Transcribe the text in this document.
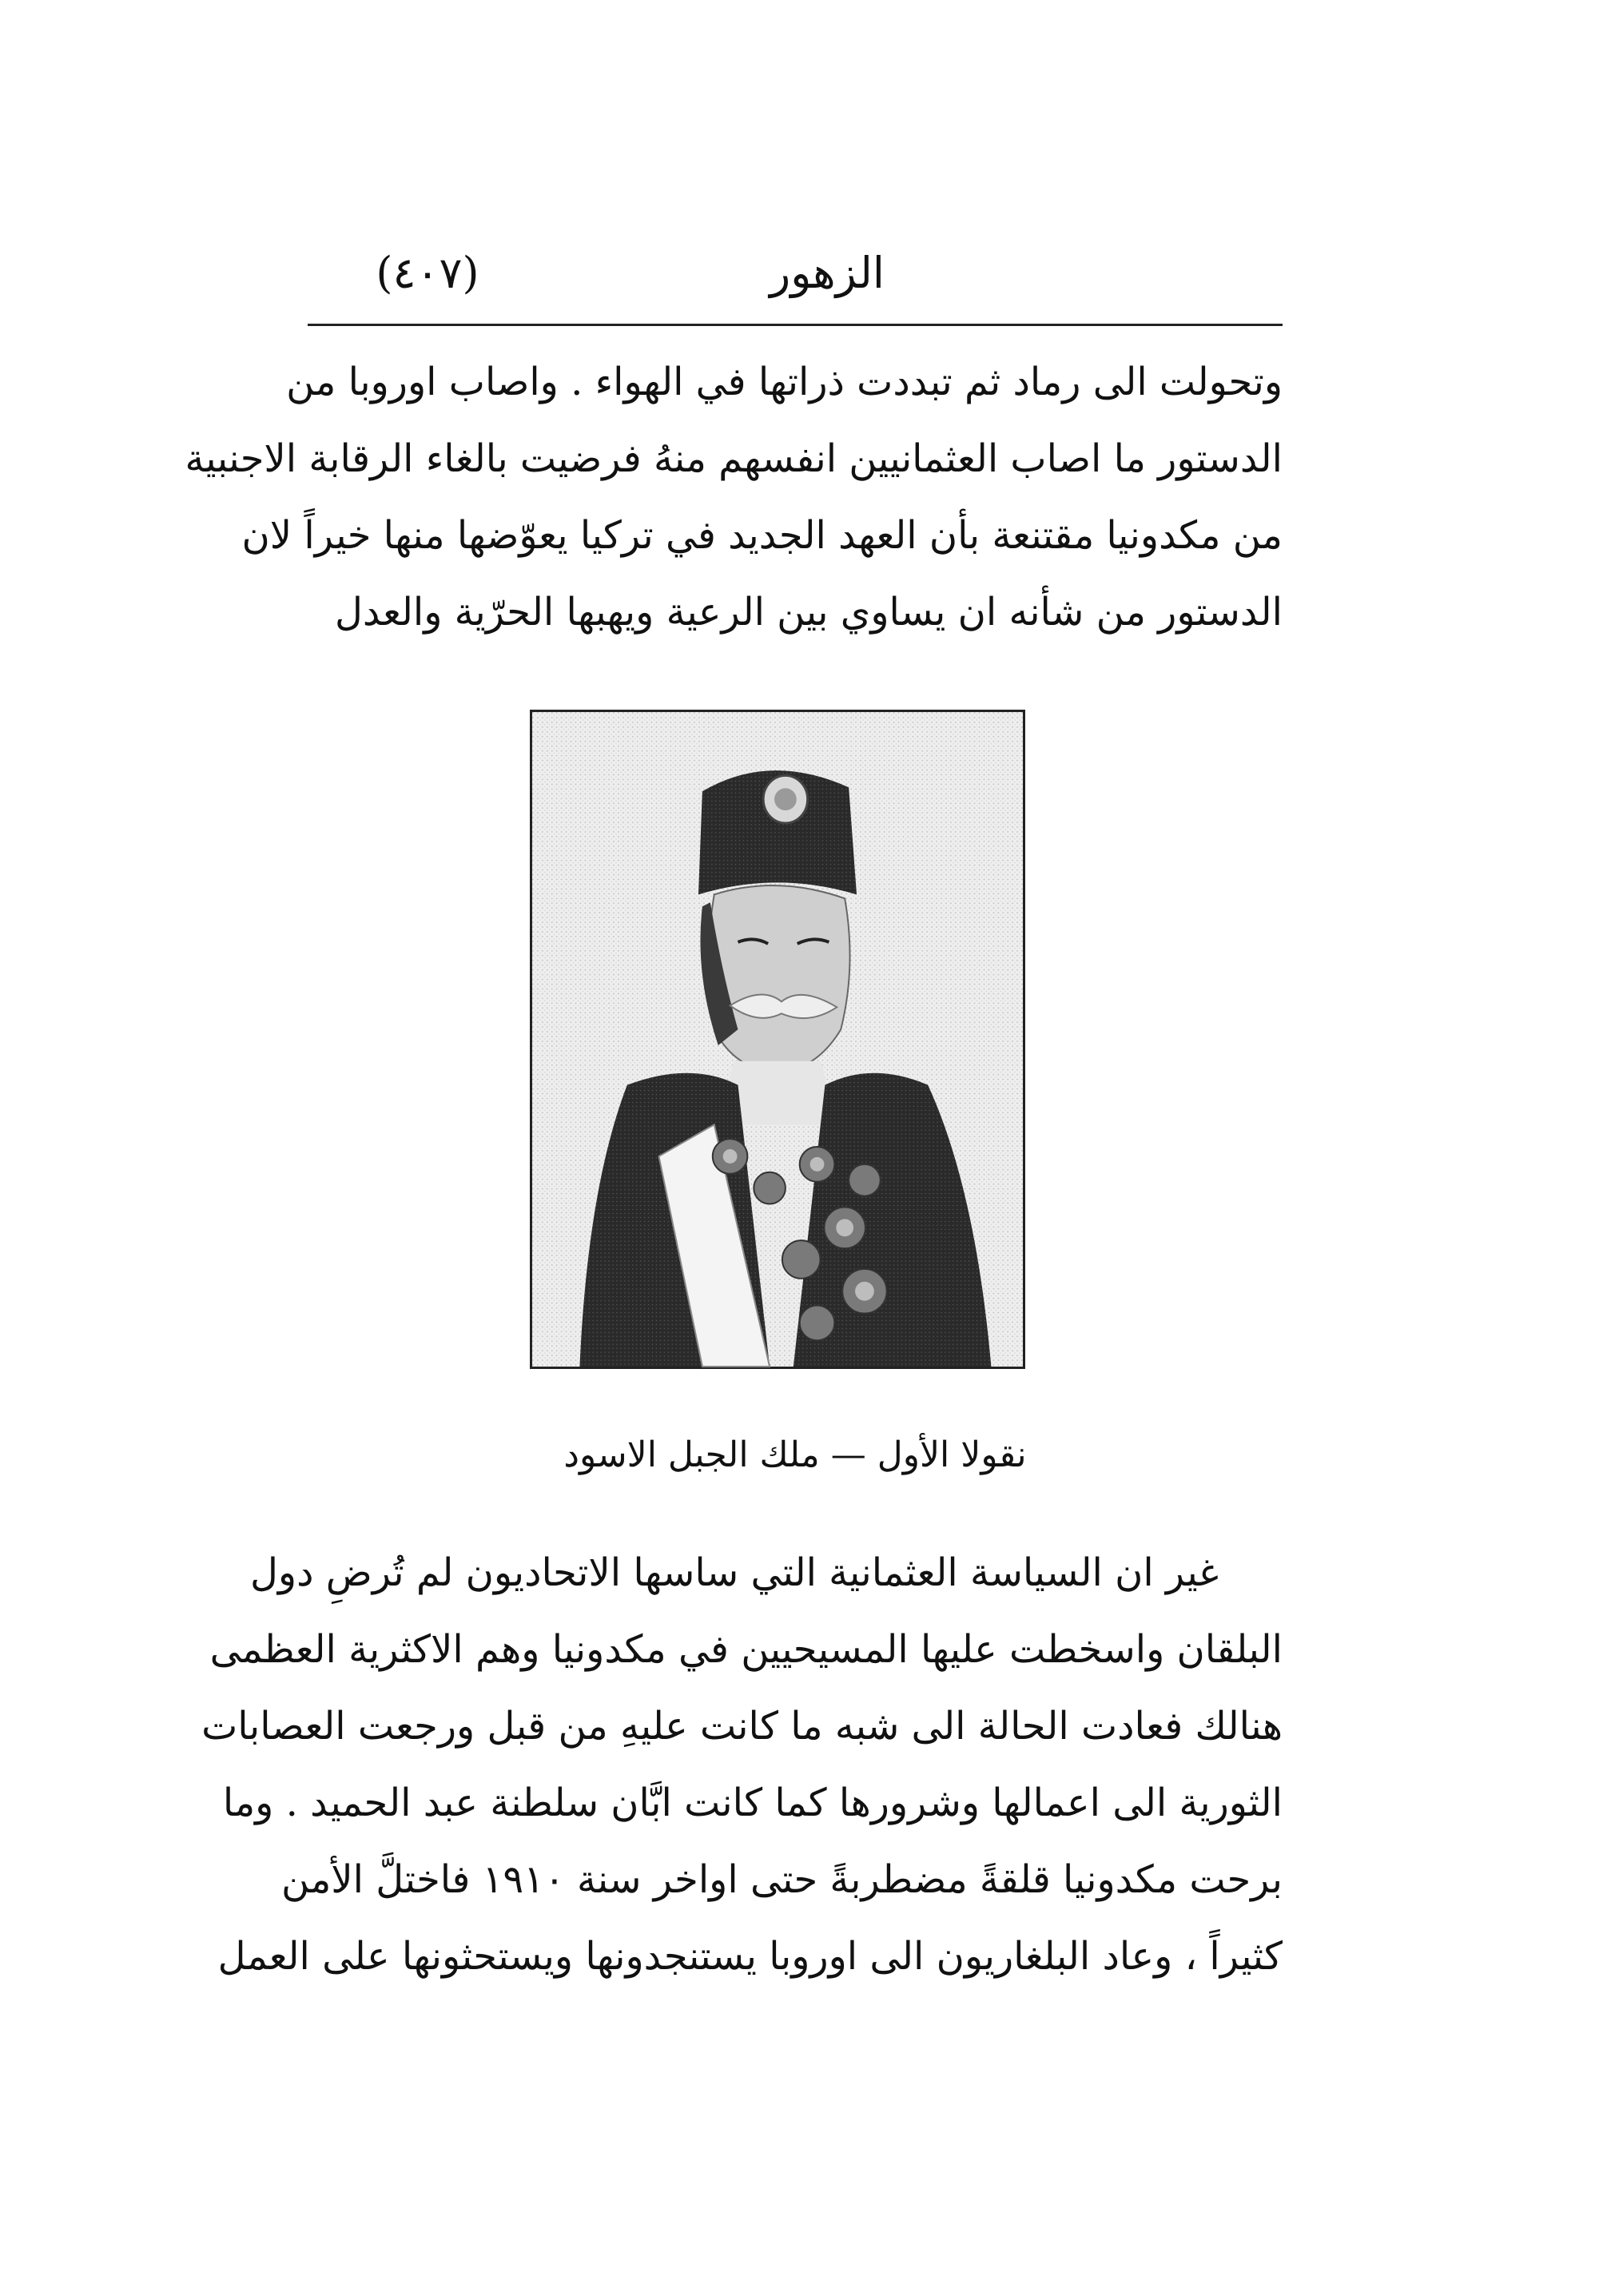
الزهور
(٤٠٧)
وتحولت الى رماد ثم تبددت ذراتها في الهواء . واصاب اوروبا من
الدستور ما اصاب العثمانيين انفسهم منهُ فرضيت بالغاء الرقابة الاجنبية
من مكدونيا مقتنعة بأن العهد الجديد في تركيا يعوّضها منها خيراً لان
الدستور من شأنه ان يساوي بين الرعية ويهبها الحرّية والعدل
نقولا الأول — ملك الجبل الاسود
غير ان السياسة العثمانية التي ساسها الاتحاديون لم تُرضِ دول
البلقان واسخطت عليها المسيحيين في مكدونيا وهم الاكثرية العظمى
هنالك فعادت الحالة الى شبه ما كانت عليهِ من قبل ورجعت العصابات
الثورية الى اعمالها وشرورها كما كانت ابَّان سلطنة عبد الحميد . وما
برحت مكدونيا قلقةً مضطربةً حتى اواخر سنة ١٩١٠ فاختلَّ الأمن
كثيراً ، وعاد البلغاريون الى اوروبا يستنجدونها ويستحثونها على العمل
